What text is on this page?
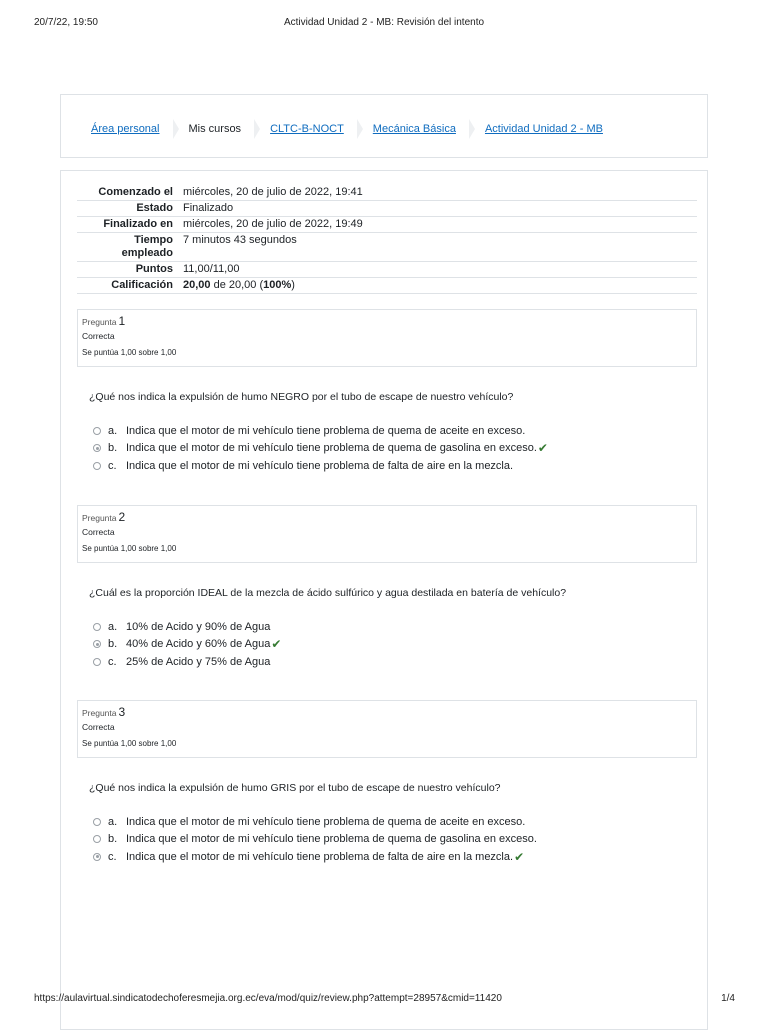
20/7/22, 19:50	Actividad Unidad 2 - MB: Revisión del intento
Área personal	Mis cursos	CLTC-B-NOCT	Mecánica Básica	Actividad Unidad 2 - MB
Comenzado el	miércoles, 20 de julio de 2022, 19:41
Estado	Finalizado
Finalizado en	miércoles, 20 de julio de 2022, 19:49
Tiempo
empleado	7 minutos 43 segundos
Puntos	11,00/11,00
Calificación	20,00 de 20,00 (100%)
Pregunta 1
Correcta
Se puntúa 1,00 sobre 1,00
¿Qué nos indica la expulsión de humo NEGRO por el tubo de escape de nuestro vehículo?
a. Indica que el motor de mi vehículo tiene problema de quema de aceite en exceso.
b. Indica que el motor de mi vehículo tiene problema de quema de gasolina en exceso. ✔
c. Indica que el motor de mi vehículo tiene problema de falta de aire en la mezcla.
Pregunta 2
Correcta
Se puntúa 1,00 sobre 1,00
¿Cuál es la proporción IDEAL de la mezcla de ácido sulfúrico y agua destilada en batería de vehículo?
a. 10% de Acido y 90% de Agua
b. 40% de Acido y 60% de Agua ✔
c. 25% de Acido y 75% de Agua
Pregunta 3
Correcta
Se puntúa 1,00 sobre 1,00
¿Qué nos indica la expulsión de humo GRIS por el tubo de escape de nuestro vehículo?
a. Indica que el motor de mi vehículo tiene problema de quema de aceite en exceso.
b. Indica que el motor de mi vehículo tiene problema de quema de gasolina en exceso.
c. Indica que el motor de mi vehículo tiene problema de falta de aire en la mezcla. ✔
https://aulavirtual.sindicatodechoferesmejia.org.ec/eva/mod/quiz/review.php?attempt=28957&cmid=11420	1/4
